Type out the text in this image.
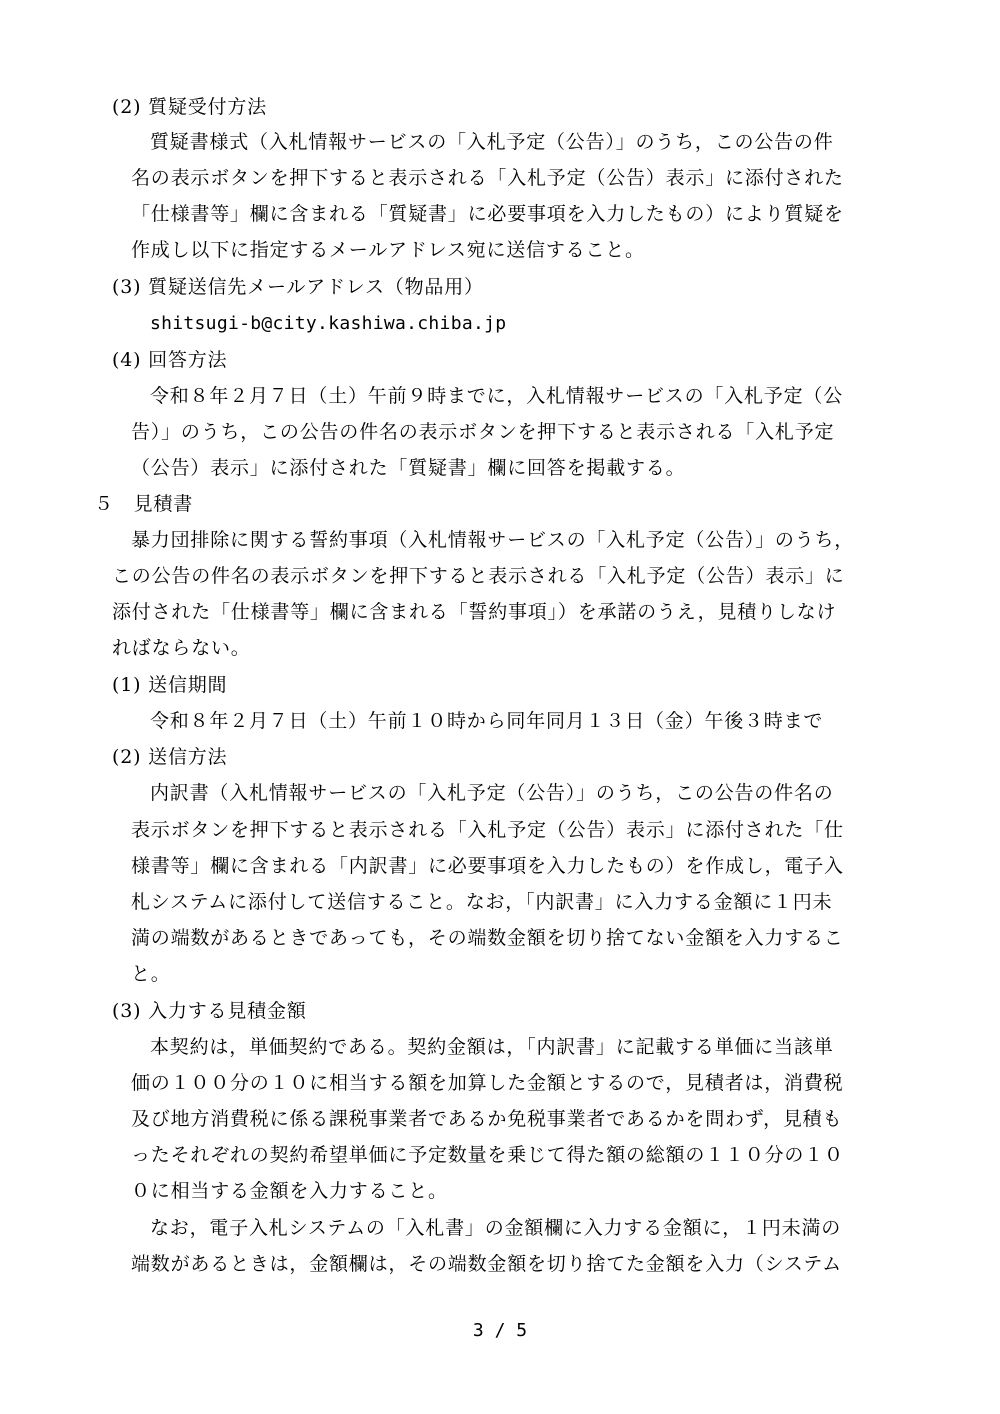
(2) 質疑受付方法
質疑書様式（入札情報サービスの「入札予定（公告）」のうち，この公告の件
名の表示ボタンを押下すると表示される「入札予定（公告）表示」に添付された
「仕様書等」欄に含まれる「質疑書」に必要事項を入力したもの）により質疑を
作成し以下に指定するメールアドレス宛に送信すること。
(3) 質疑送信先メールアドレス（物品用）
shitsugi-b@city.kashiwa.chiba.jp
(4) 回答方法
令和８年２月７日（土）午前９時までに，入札情報サービスの「入札予定（公
告）」のうち，この公告の件名の表示ボタンを押下すると表示される「入札予定
（公告）表示」に添付された「質疑書」欄に回答を掲載する。
５　見積書
暴力団排除に関する誓約事項（入札情報サービスの「入札予定（公告）」のうち，
この公告の件名の表示ボタンを押下すると表示される「入札予定（公告）表示」に
添付された「仕様書等」欄に含まれる「誓約事項」）を承諾のうえ，見積りしなけ
ればならない。
(1) 送信期間
令和８年２月７日（土）午前１０時から同年同月１３日（金）午後３時まで
(2) 送信方法
内訳書（入札情報サービスの「入札予定（公告）」のうち，この公告の件名の
表示ボタンを押下すると表示される「入札予定（公告）表示」に添付された「仕
様書等」欄に含まれる「内訳書」に必要事項を入力したもの）を作成し，電子入
札システムに添付して送信すること。なお，「内訳書」に入力する金額に１円未
満の端数があるときであっても，その端数金額を切り捨てない金額を入力するこ
と。
(3) 入力する見積金額
本契約は，単価契約である。契約金額は，「内訳書」に記載する単価に当該単
価の１００分の１０に相当する額を加算した金額とするので，見積者は，消費税
及び地方消費税に係る課税事業者であるか免税事業者であるかを問わず，見積も
ったそれぞれの契約希望単価に予定数量を乗じて得た額の総額の１１０分の１０
０に相当する金額を入力すること。
なお，電子入札システムの「入札書」の金額欄に入力する金額に，１円未満の
端数があるときは，金額欄は，その端数金額を切り捨てた金額を入力（システム
3 / 5
